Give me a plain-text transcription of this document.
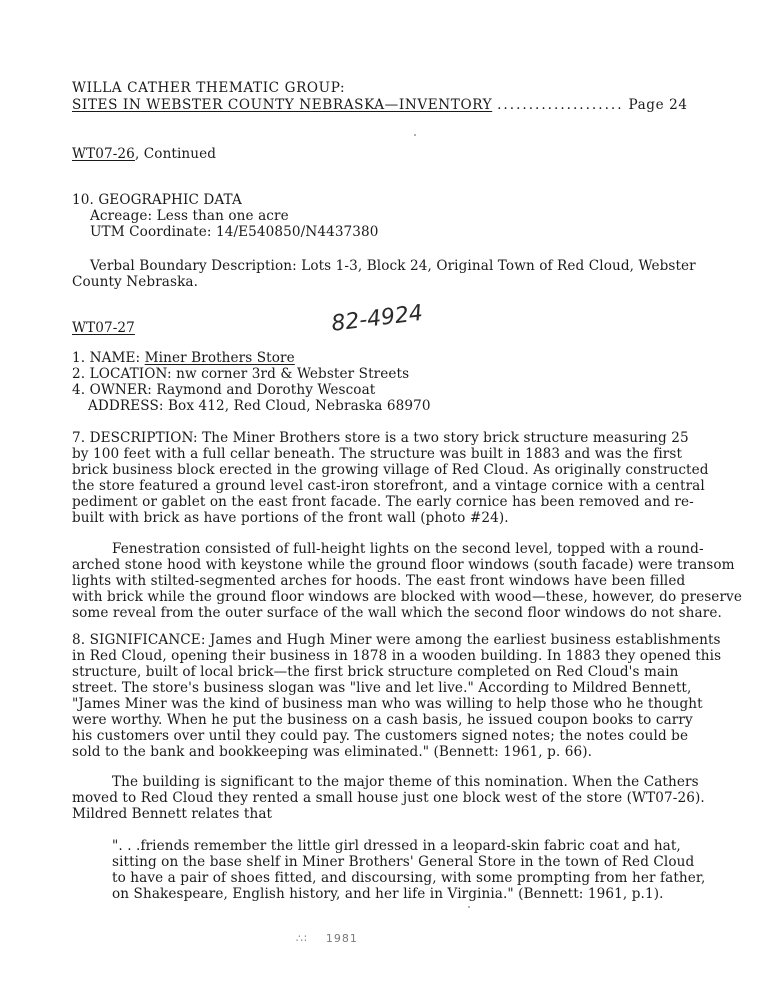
WILLA CATHER THEMATIC GROUP:
SITES IN WEBSTER COUNTY NEBRASKA—INVENTORY .................... Page 24
WT07-26, Continued
10. GEOGRAPHIC DATA
Acreage: Less than one acre
UTM Coordinate: 14/E540850/N4437380
Verbal Boundary Description: Lots 1-3, Block 24, Original Town of Red Cloud, Webster
County Nebraska.
WT07-27	82-4924
1. NAME: Miner Brothers Store
2. LOCATION: nw corner 3rd & Webster Streets
4. OWNER: Raymond and Dorothy Wescoat
ADDRESS: Box 412, Red Cloud, Nebraska 68970
7. DESCRIPTION: The Miner Brothers store is a two story brick structure measuring 25
by 100 feet with a full cellar beneath. The structure was built in 1883 and was the first
brick business block erected in the growing village of Red Cloud. As originally constructed
the store featured a ground level cast-iron storefront, and a vintage cornice with a central
pediment or gablet on the east front facade. The early cornice has been removed and re-
built with brick as have portions of the front wall (photo #24).
Fenestration consisted of full-height lights on the second level, topped with a round-
arched stone hood with keystone while the ground floor windows (south facade) were transom
lights with stilted-segmented arches for hoods. The east front windows have been filled
with brick while the ground floor windows are blocked with wood—these, however, do preserve
some reveal from the outer surface of the wall which the second floor windows do not share.
8. SIGNIFICANCE: James and Hugh Miner were among the earliest business establishments
in Red Cloud, opening their business in 1878 in a wooden building. In 1883 they opened this
structure, built of local brick—the first brick structure completed on Red Cloud's main
street. The store's business slogan was "live and let live." According to Mildred Bennett,
"James Miner was the kind of business man who was willing to help those who he thought
were worthy. When he put the business on a cash basis, he issued coupon books to carry
his customers over until they could pay. The customers signed notes; the notes could be
sold to the bank and bookkeeping was eliminated." (Bennett: 1961, p. 66).
The building is significant to the major theme of this nomination. When the Cathers
moved to Red Cloud they rented a small house just one block west of the store (WT07-26).
Mildred Bennett relates that
". . .friends remember the little girl dressed in a leopard-skin fabric coat and hat,
sitting on the base shelf in Miner Brothers' General Store in the town of Red Cloud
to have a pair of shoes fitted, and discoursing, with some prompting from her father,
on Shakespeare, English history, and her life in Virginia." (Bennett: 1961, p.1).
∴∶    1981
